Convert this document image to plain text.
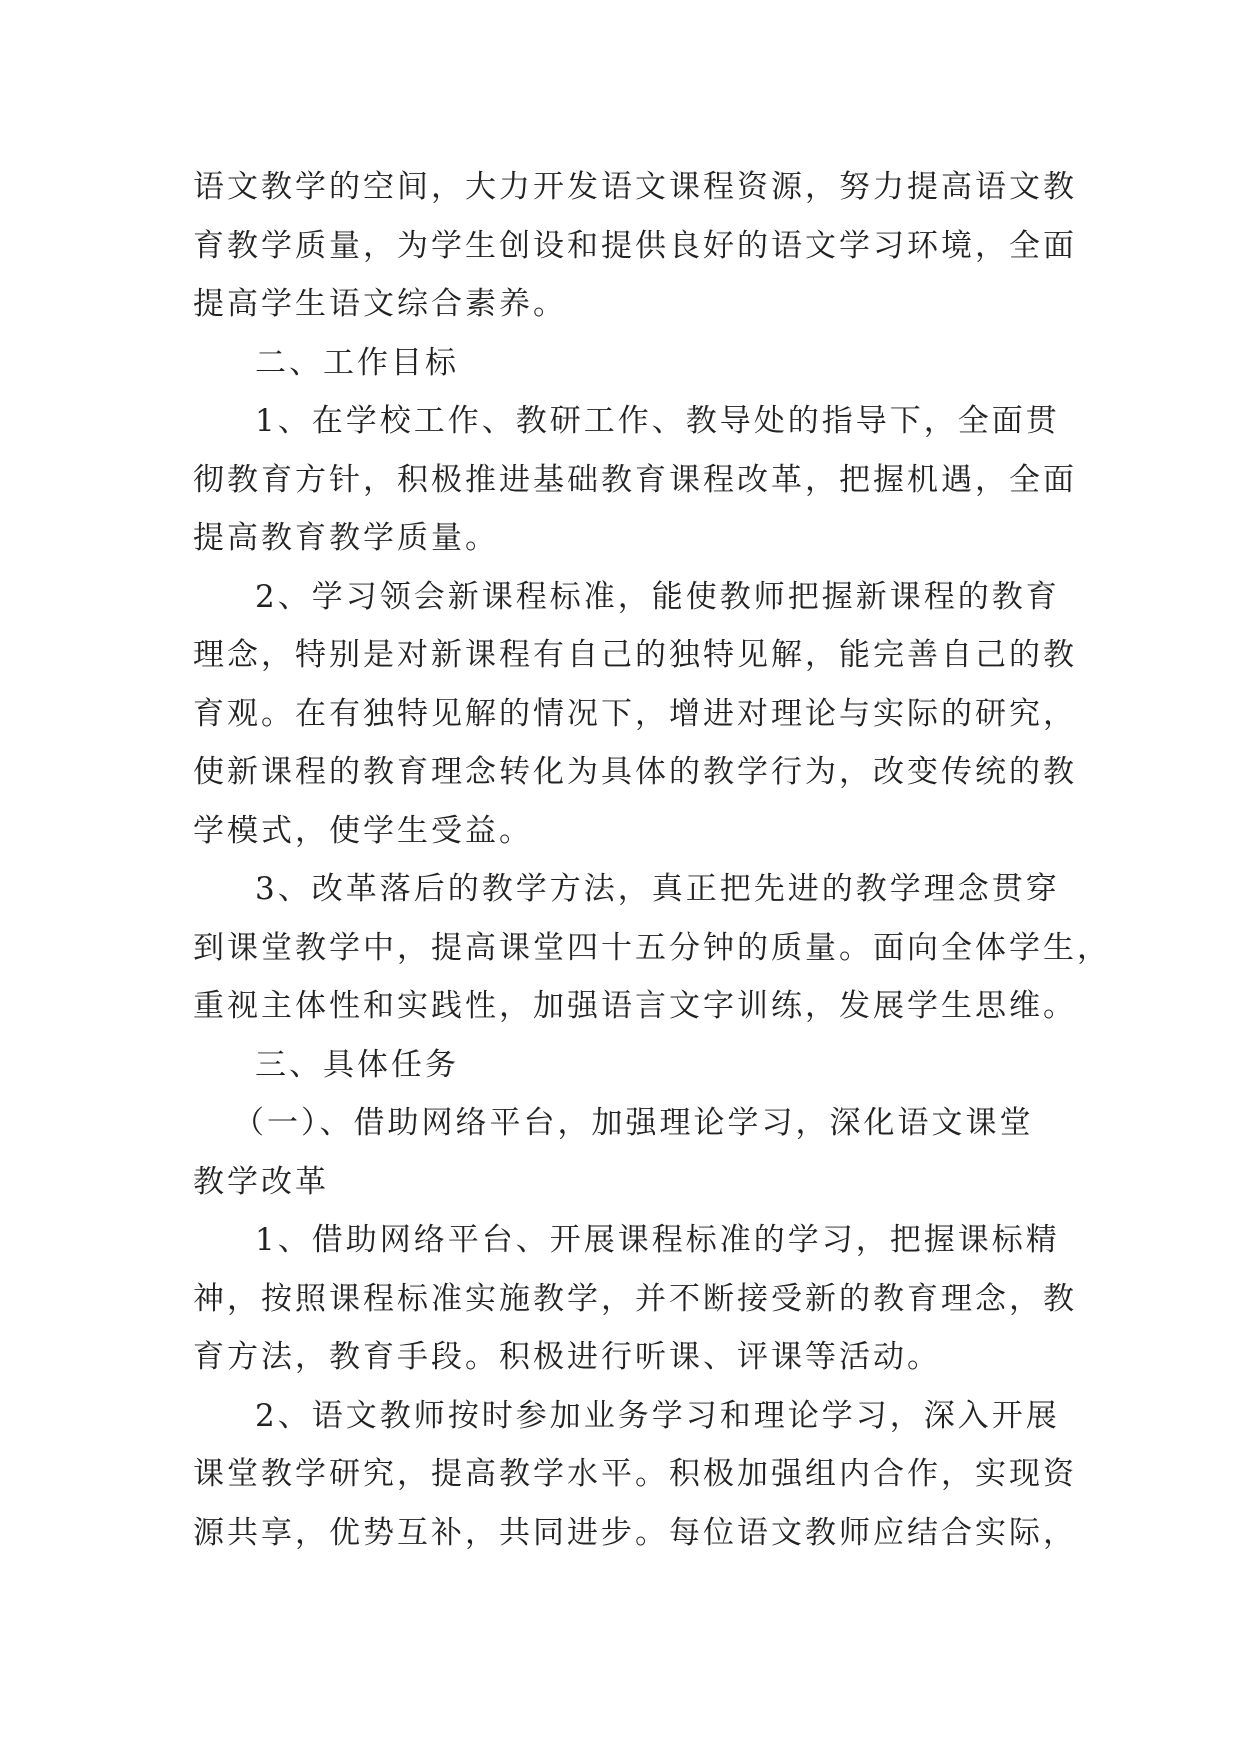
语文教学的空间，大力开发语文课程资源，努力提高语文教
育教学质量，为学生创设和提供良好的语文学习环境，全面
提高学生语文综合素养。
二、工作目标
1、在学校工作、教研工作、教导处的指导下，全面贯
彻教育方针，积极推进基础教育课程改革，把握机遇，全面
提高教育教学质量。
2、学习领会新课程标准，能使教师把握新课程的教育
理念，特别是对新课程有自己的独特见解，能完善自己的教
育观。在有独特见解的情况下，增进对理论与实际的研究，
使新课程的教育理念转化为具体的教学行为，改变传统的教
学模式，使学生受益。
3、改革落后的教学方法，真正把先进的教学理念贯穿
到课堂教学中，提高课堂四十五分钟的质量。面向全体学生，
重视主体性和实践性，加强语言文字训练，发展学生思维。
三、具体任务
（一）、借助网络平台，加强理论学习，深化语文课堂
教学改革
1、借助网络平台、开展课程标准的学习，把握课标精
神，按照课程标准实施教学，并不断接受新的教育理念，教
育方法，教育手段。积极进行听课、评课等活动。
2、语文教师按时参加业务学习和理论学习，深入开展
课堂教学研究，提高教学水平。积极加强组内合作，实现资
源共享，优势互补，共同进步。每位语文教师应结合实际，
